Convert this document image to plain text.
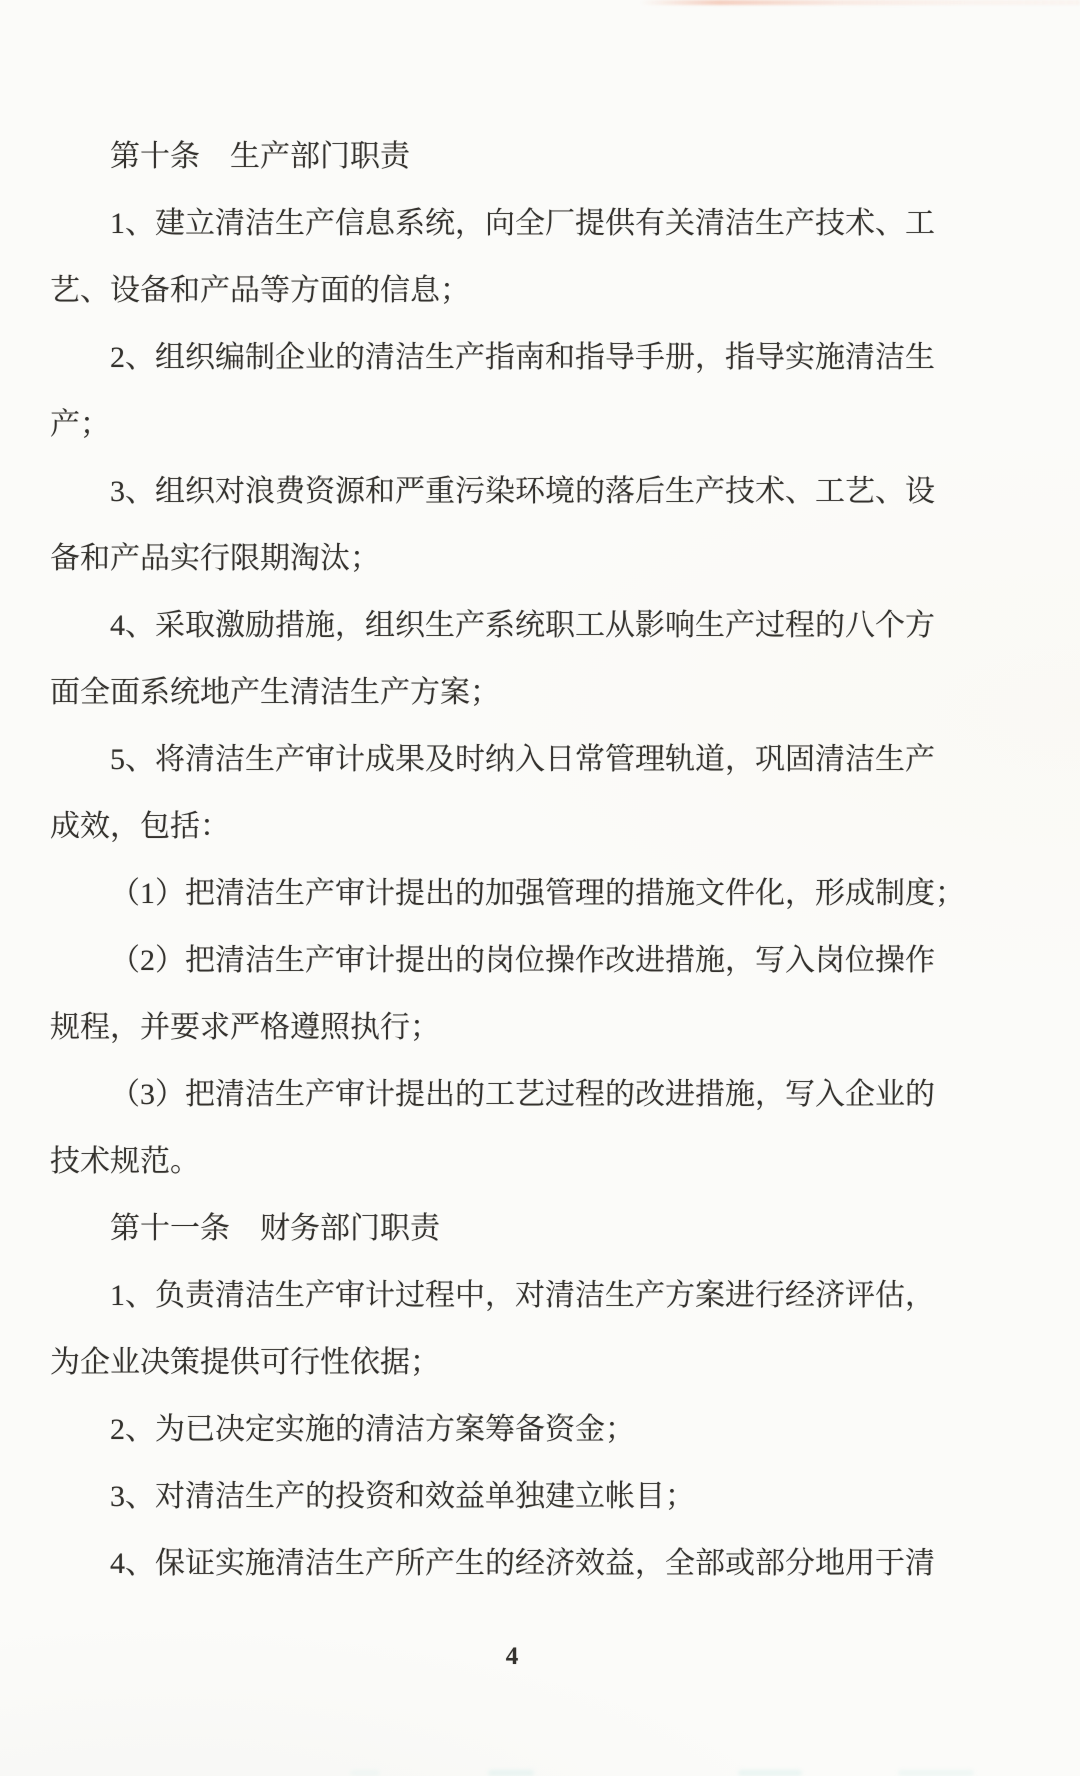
第十条　生产部门职责
1、建立清洁生产信息系统，向全厂提供有关清洁生产技术、工
艺、设备和产品等方面的信息；
2、组织编制企业的清洁生产指南和指导手册，指导实施清洁生
产；
3、组织对浪费资源和严重污染环境的落后生产技术、工艺、设
备和产品实行限期淘汰；
4、采取激励措施，组织生产系统职工从影响生产过程的八个方
面全面系统地产生清洁生产方案；
5、将清洁生产审计成果及时纳入日常管理轨道，巩固清洁生产
成效，包括：
（1）把清洁生产审计提出的加强管理的措施文件化，形成制度；
（2）把清洁生产审计提出的岗位操作改进措施，写入岗位操作
规程，并要求严格遵照执行；
（3）把清洁生产审计提出的工艺过程的改进措施，写入企业的
技术规范。
第十一条　财务部门职责
1、负责清洁生产审计过程中，对清洁生产方案进行经济评估，
为企业决策提供可行性依据；
2、为已决定实施的清洁方案筹备资金；
3、对清洁生产的投资和效益单独建立帐目；
4、保证实施清洁生产所产生的经济效益，全部或部分地用于清
4
